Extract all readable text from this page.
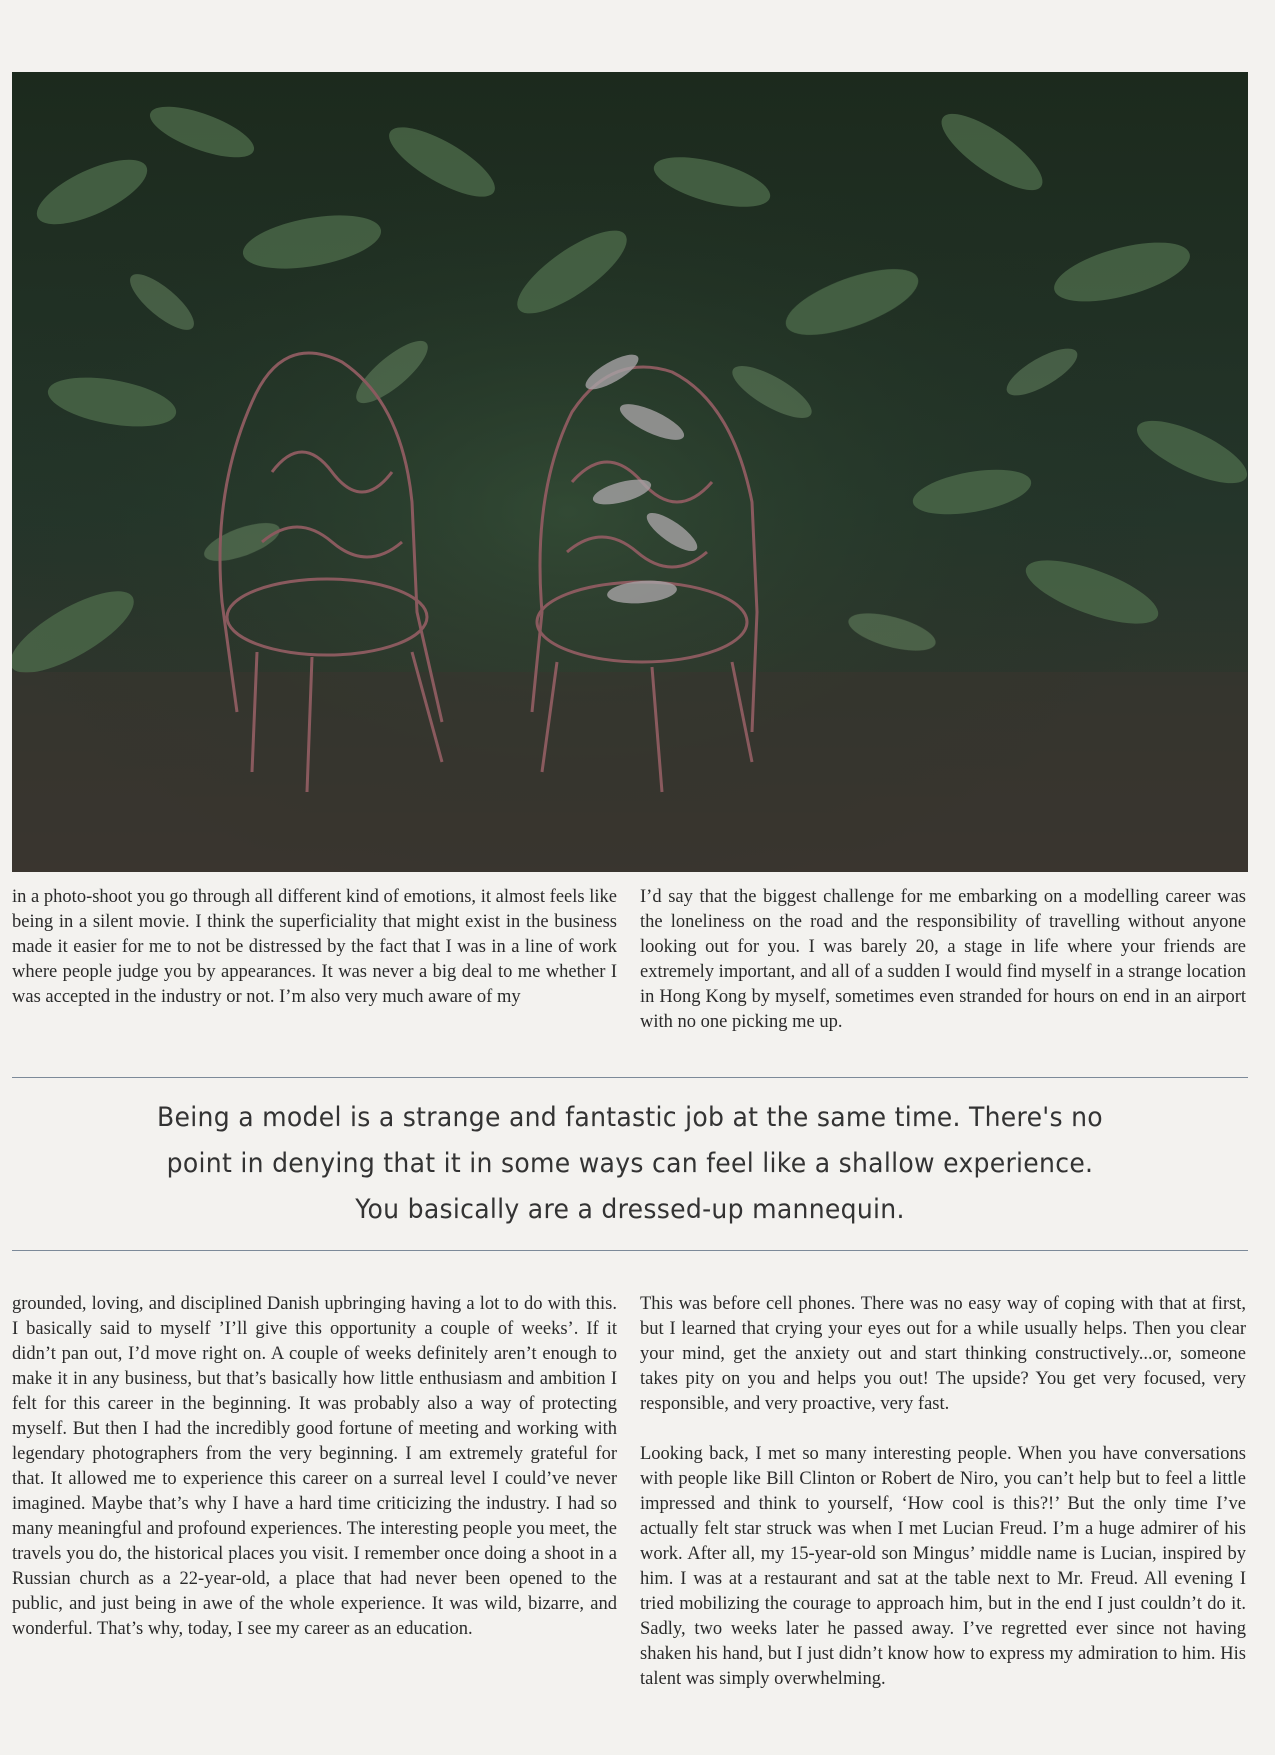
in a photo-shoot you go through all different kind of emotions, it almost feels like being in a silent movie. I think the superficiality that might exist in the business made it easier for me to not be distressed by the fact that I was in a line of work where people judge you by appearances. It was never a big deal to me whether I was accepted in the industry or not. I’m also very much aware of my

I’d say that the biggest challenge for me embarking on a modelling career was the loneliness on the road and the responsibility of travelling without anyone looking out for you. I was barely 20, a stage in life where your friends are extremely important, and all of a sudden I would find myself in a strange location in Hong Kong by myself, sometimes even stranded for hours on end in an airport with no one picking me up.

Being a model is a strange and fantastic job at the same time. There's no
point in denying that it in some ways can feel like a shallow experience.
You basically are a dressed-up mannequin.

grounded, loving, and disciplined Danish upbringing having a lot to do with this. I basically said to myself ’I’ll give this opportunity a couple of weeks’. If it didn’t pan out, I’d move right on. A couple of weeks definitely aren’t enough to make it in any business, but that’s basically how little enthusiasm and ambition I felt for this career in the beginning. It was probably also a way of protecting myself. But then I had the incredibly good fortune of meeting and working with legendary photographers from the very beginning. I am extremely grateful for that. It allowed me to experience this career on a surreal level I could’ve never imagined. Maybe that’s why I have a hard time criticizing the industry. I had so many meaningful and profound experiences. The interesting people you meet, the travels you do, the historical places you visit. I remember once doing a shoot in a Russian church as a 22-year-old, a place that had never been opened to the public, and just being in awe of the whole experience. It was wild, bizarre, and wonderful. That’s why, today, I see my career as an education.

This was before cell phones. There was no easy way of coping with that at first, but I learned that crying your eyes out for a while usually helps. Then you clear your mind, get the anxiety out and start thinking constructively...or, someone takes pity on you and helps you out! The upside? You get very focused, very responsible, and very proactive, very fast.

Looking back, I met so many interesting people. When you have conversations with people like Bill Clinton or Robert de Niro, you can’t help but to feel a little impressed and think to yourself, ‘How cool is this?!’ But the only time I’ve actually felt star struck was when I met Lucian Freud. I’m a huge admirer of his work. After all, my 15-year-old son Mingus’ middle name is Lucian, inspired by him. I was at a restaurant and sat at the table next to Mr. Freud. All evening I tried mobilizing the courage to approach him, but in the end I just couldn’t do it. Sadly, two weeks later he passed away. I’ve regretted ever since not having shaken his hand, but I just didn’t know how to express my admiration to him. His talent was simply overwhelming.
